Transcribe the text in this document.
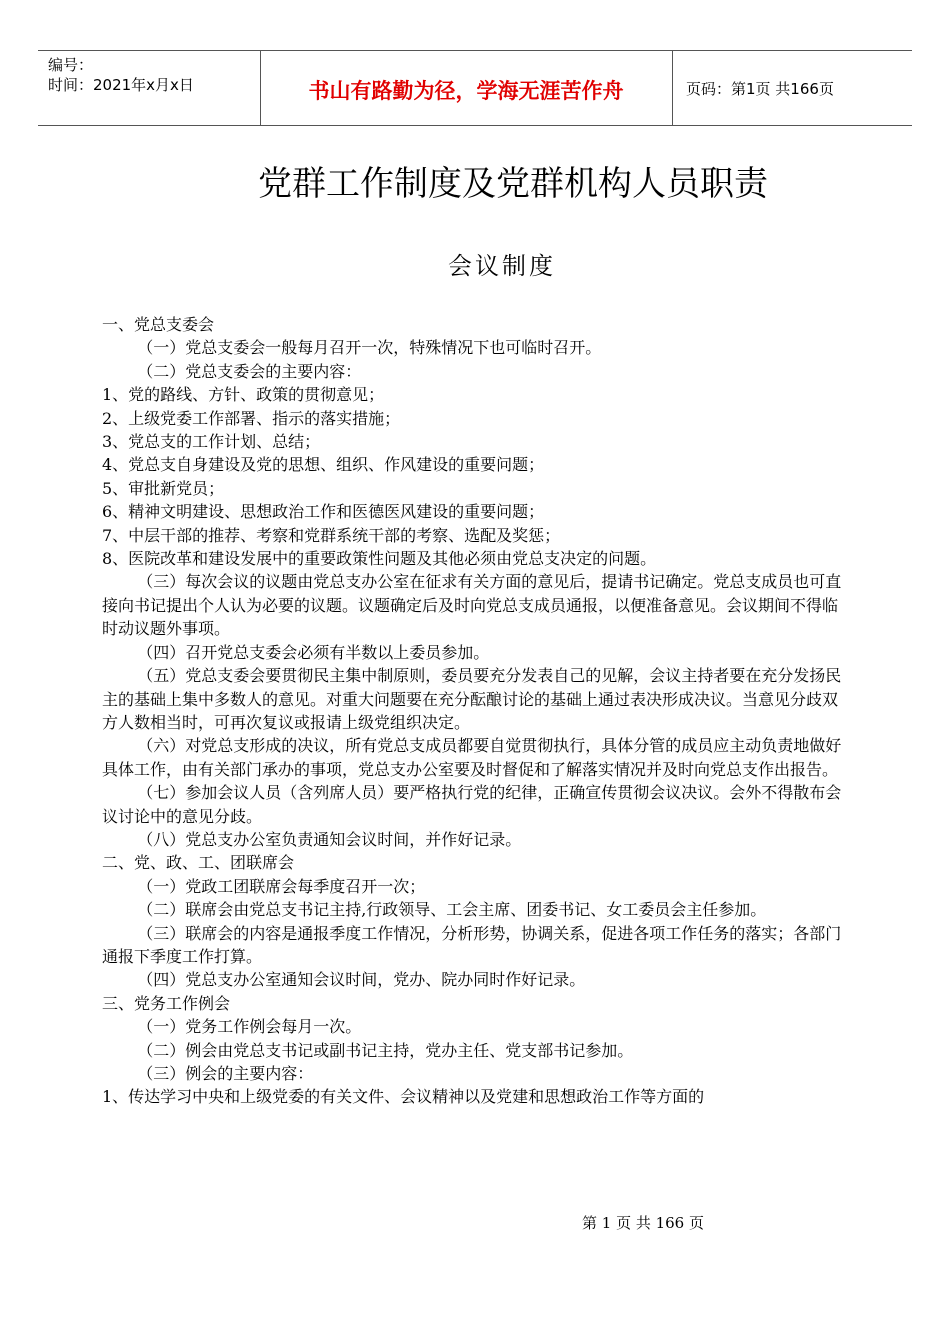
编号：
时间：2021年x月x日	书山有路勤为径，学海无涯苦作舟	页码：第1页 共166页
党群工作制度及党群机构人员职责
会议制度

一、党总支委会

（一）党总支委会一般每月召开一次，特殊情况下也可临时召开。

（二）党总支委会的主要内容：

1、党的路线、方针、政策的贯彻意见；

2、上级党委工作部署、指示的落实措施；

3、党总支的工作计划、总结；

4、党总支自身建设及党的思想、组织、作风建设的重要问题；

5、审批新党员；

6、精神文明建设、思想政治工作和医德医风建设的重要问题；

7、中层干部的推荐、考察和党群系统干部的考察、选配及奖惩；

8、医院改革和建设发展中的重要政策性问题及其他必须由党总支决定的问题。

（三）每次会议的议题由党总支办公室在征求有关方面的意见后，提请书记确定。党总支成员也可直接向书记提出个人认为必要的议题。议题确定后及时向党总支成员通报，以便准备意见。会议期间不得临时动议题外事项。

（四）召开党总支委会必须有半数以上委员参加。

（五）党总支委会要贯彻民主集中制原则，委员要充分发表自己的见解，会议主持者要在充分发扬民主的基础上集中多数人的意见。对重大问题要在充分酝酿讨论的基础上通过表决形成决议。当意见分歧双方人数相当时，可再次复议或报请上级党组织决定。

（六）对党总支形成的决议，所有党总支成员都要自觉贯彻执行，具体分管的成员应主动负责地做好具体工作，由有关部门承办的事项，党总支办公室要及时督促和了解落实情况并及时向党总支作出报告。

（七）参加会议人员（含列席人员）要严格执行党的纪律，正确宣传贯彻会议决议。会外不得散布会议讨论中的意见分歧。

（八）党总支办公室负责通知会议时间，并作好记录。

二、党、政、工、团联席会

（一）党政工团联席会每季度召开一次；

（二）联席会由党总支书记主持,行政领导、工会主席、团委书记、女工委员会主任参加。

（三）联席会的内容是通报季度工作情况，分析形势，协调关系，促进各项工作任务的落实；各部门通报下季度工作打算。

（四）党总支办公室通知会议时间，党办、院办同时作好记录。

三、党务工作例会

（一）党务工作例会每月一次。

（二）例会由党总支书记或副书记主持，党办主任、党支部书记参加。

（三）例会的主要内容：

1、传达学习中央和上级党委的有关文件、会议精神以及党建和思想政治工作等方面的

第 1 页 共 166 页
